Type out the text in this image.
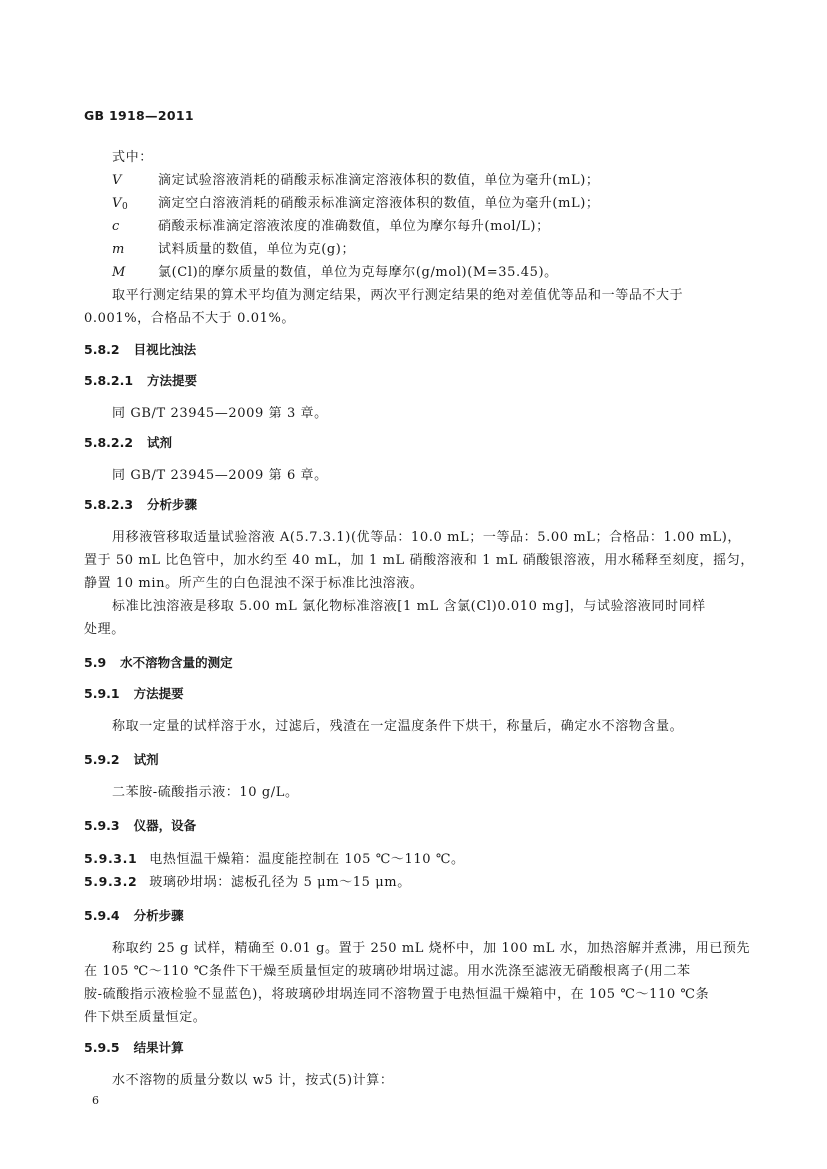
GB 1918—2011
式中：
V	滴定试验溶液消耗的硝酸汞标准滴定溶液体积的数值，单位为毫升(mL)；
$V_0$ 滴定空白溶液消耗的硝酸汞标准滴定溶液体积的数值，单位为毫升(mL)；
c	硝酸汞标准滴定溶液浓度的准确数值，单位为摩尔每升(mol/L)；
m	试料质量的数值，单位为克(g)；
M 氯(Cl)的摩尔质量的数值，单位为克每摩尔(g/mol)(M=35.45)。
取平行测定结果的算术平均值为测定结果，两次平行测定结果的绝对差值优等品和一等品不大于
0.001%，合格品不大于 0.01%。
5.8.2 目视比浊法
5.8.2.1 方法提要
同 GB/T 23945—2009 第 3 章。
5.8.2.2 试剂
同 GB/T 23945—2009 第 6 章。
5.8.2.3 分析步骤
用移液管移取适量试验溶液 A(5.7.3.1)(优等品：10.0 mL；一等品：5.00 mL；合格品：1.00 mL)，
置于 50 mL 比色管中，加水约至 40 mL，加 1 mL 硝酸溶液和 1 mL 硝酸银溶液，用水稀释至刻度，摇匀，
静置 10 min。所产生的白色混浊不深于标准比浊溶液。
标准比浊溶液是移取 5.00 mL 氯化物标准溶液[1 mL 含氯(Cl)0.010 mg]，与试验溶液同时同样
处理。
5.9 水不溶物含量的测定
5.9.1 方法提要
称取一定量的试样溶于水，过滤后，残渣在一定温度条件下烘干，称量后，确定水不溶物含量。
5.9.2 试剂
二苯胺-硫酸指示液：10 g/L。
5.9.3 仪器，设备
5.9.3.1 电热恒温干燥箱：温度能控制在 105 ℃～110 ℃。
5.9.3.2 玻璃砂坩埚：滤板孔径为 5 μm～15 μm。
5.9.4 分析步骤
称取约 25 g 试样，精确至 0.01 g。置于 250 mL 烧杯中，加 100 mL 水，加热溶解并煮沸，用已预先
在 105 ℃～110 ℃条件下干燥至质量恒定的玻璃砂坩埚过滤。用水洗涤至滤液无硝酸根离子(用二苯
胺-硫酸指示液检验不显蓝色)，将玻璃砂坩埚连同不溶物置于电热恒温干燥箱中，在 105 ℃～110 ℃条
件下烘至质量恒定。
5.9.5 结果计算
水不溶物的质量分数以 w5 计，按式(5)计算：
6
